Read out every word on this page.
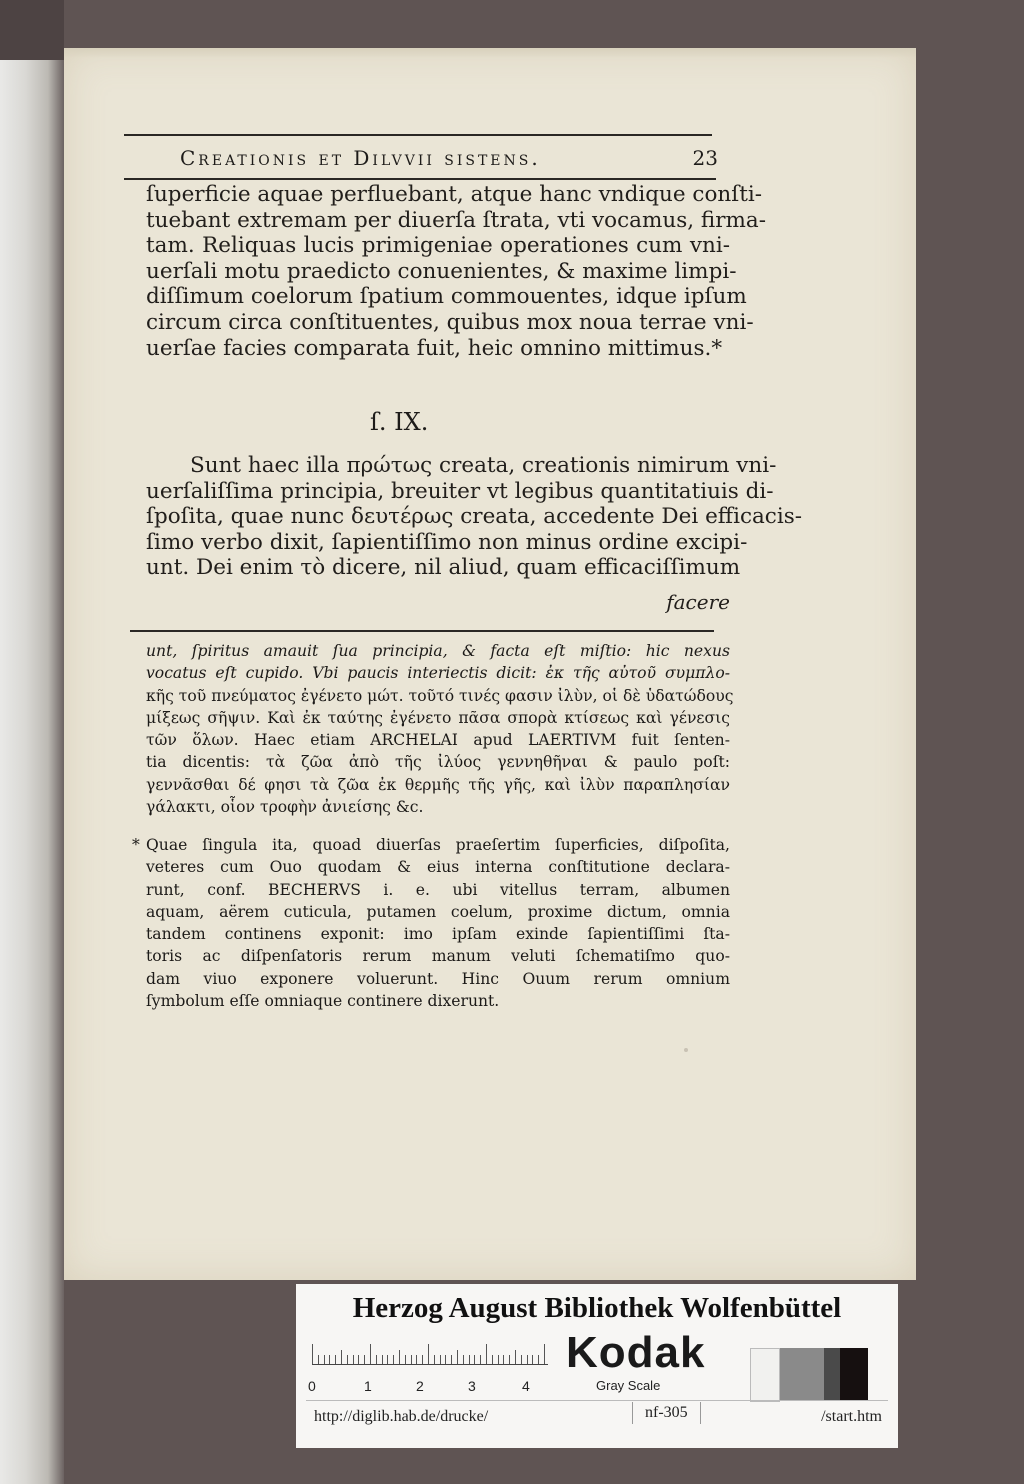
Creationis et Dilvvii sistens.	23
ſuperficie aquae perfluebant, atque hanc vndique conſti-
tuebant extremam per diuerſa ſtrata, vti vocamus, firma-
tam. Reliquas lucis primigeniae operationes cum vni-
uerſali motu praedicto conuenientes, & maxime limpi-
diſſimum coelorum ſpatium commouentes, idque ipſum
circum circa conſtituentes, quibus mox noua terrae vni-
uerſae facies comparata fuit, heic omnino mittimus.*
ſ. IX.
Sunt haec illa πρώτως creata, creationis nimirum vni-
uerſaliſſima principia, breuiter vt legibus quantitatiuis di-
ſpoſita, quae nunc δευτέρως creata, accedente Dei efficacis-
ſimo verbo dixit, ſapientiſſimo non minus ordine excipi-
unt. Dei enim τὸ dicere, nil aliud, quam efficaciſſimum
facere
unt, ſpiritus amauit ſua principia, & facta eſt miſtio: hic nexus
vocatus eſt cupido. Vbi paucis interiectis dicit: ἐκ τῆς αὐτοῦ συμπλο-
κῆς τοῦ πνεύματος ἐγένετο μώτ. τοῦτό τινές φασιν ἰλὺν, οἱ δὲ ὑδατώδους
μίξεως σῆψιν. Καὶ ἐκ ταύτης ἐγένετο πᾶσα σπορὰ κτίσεως καὶ γένεσις
τῶν ὅλων. Haec etiam ARCHELAI apud LAERTIVM fuit ſenten-
tia dicentis: τὰ ζῶα ἀπὸ τῆς ἰλύος γεννηθῆναι & paulo poſt:
γεννᾶσθαι δέ φησι τὰ ζῶα ἐκ θερμῆς τῆς γῆς, καὶ ἰλὺν παραπλησίαν
γάλακτι, οἷον τροφὴν ἀνιείσης &c.
* Quae ſingula ita, quoad diuerſas praeſertim ſuperficies, diſpoſita,
veteres cum Ouo quodam & eius interna conſtitutione declara-
runt, conf. BECHERVS i. e. ubi vitellus terram, albumen
aquam, aërem cuticula, putamen coelum, proxime dictum, omnia
tandem continens exponit: imo ipſam exinde ſapientiſſimi ſta-
toris ac diſpenſatoris rerum manum veluti ſchematiſmo quo-
dam viuo exponere voluerunt. Hinc Ouum rerum omnium
ſymbolum eſſe omniaque continere dixerunt.
Herzog August Bibliothek Wolfenbüttel
0	1	2	3	4
Kodak
Gray Scale
http://diglib.hab.de/drucke/	nf-305	/start.htm
